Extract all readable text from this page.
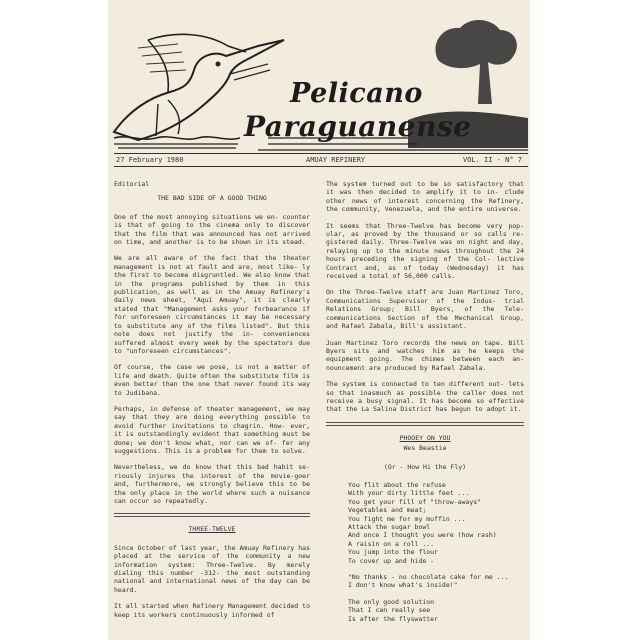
Pelicano
Paraguanense
27 February 1980	AMUAY REFINERY	VOL. II - N° 7
Editorial
THE BAD SIDE OF A GOOD THING

One of the most annoying situations we en- counter is that of going to the cinema only to discover that the film that was announced has not arrived on time, and another is to be shown in its stead.

We are all aware of the fact that the theater management is not at fault and are, most like- ly the first to become disgruntled. We also know that in the programs published by them in this publication, as well as in the Amuay Refinery's daily news sheet, "Aquí Amuay", it is clearly stated that "Management asks your forbearance if for unforeseen circumstances it may be necessary to substitute any of the films listed". But this note does not justify the in- conveniences suffered almost every week by the spectators due to "unforeseen circumstances".

Of course, the case we pose, is not a matter of life and death. Quite often the substitute film is even better than the one that never found its way to Judibana.

Perhaps, in defense of theater management, we may say that they are doing everything possible to avoid further invitations to chagrin. How- ever, it is outstandingly evident that something must be done; we don't know what, nor can we of- fer any suggestions. This is a problem for them to solve.

Nevertheless, we do know that this bad habit se- riously injures the interest of the movie-goer and, furthermore, we strongly believe this to be the only place in the world where such a nuisance can occur so repeatedly.

THREE-TWELVE

Since October of last year, the Amuay Refinery has placed at the service of the community a new information system: Three-Twelve. By merely dialing this number -312- the most outstanding national and international news of the day can be heard.

It all started when Refinery Management decided to keep its workers continuously informed of

The system turned out to be so satisfactory that it was then decided to amplify it to in- clude other news of interest concerning the Refinery, the community, Venezuela, and the entire universe.

It seems that Three-Twelve has become very pop- ular, as proved by the thousand or so calls re- gistered daily. Three-Twelve was on night and day, relaying up to the minute news throughout the 24 hours preceding the signing of the Col- lective Contract and, as of today (Wednesday) it has received a total of 56,000 calls.

On the Three-Twelve staff are Juan Martinez Toro, Communications Supervisor of the Indus- trial Relations Group; Bill Byers, of the Tele- communications Section of the Mechanical Group, and Rafael Zabala, Bill's assistant.

Juan Martinez Toro records the news on tape. Bill Byers sits and watches him as he keeps the equipment going. The chimes between each an- nouncement are produced by Rafael Zabala.

The system is connected to ten different out- lets so that inasmuch as possible the caller does not receive a busy signal. It has become so effective that the La Salina District has begun to adopt it.

PHOOEY ON YOU
Wes Beastie
(Or - How Hi the Fly)
You flit about the refuse
With your dirty little feet ...
You get your fill of "throw-aways"
Vegetables and meat;
You fight me for my muffin ...
Attack the sugar bowl
And once I thought you were (how rash)
A raisin on a roll ...
You jump into the flour
To cover up and hide -
"No thanks - no chocolate cake for me ...
I don't know what's inside!"
The only good solution
That I can really see
Is after the flyswatter
